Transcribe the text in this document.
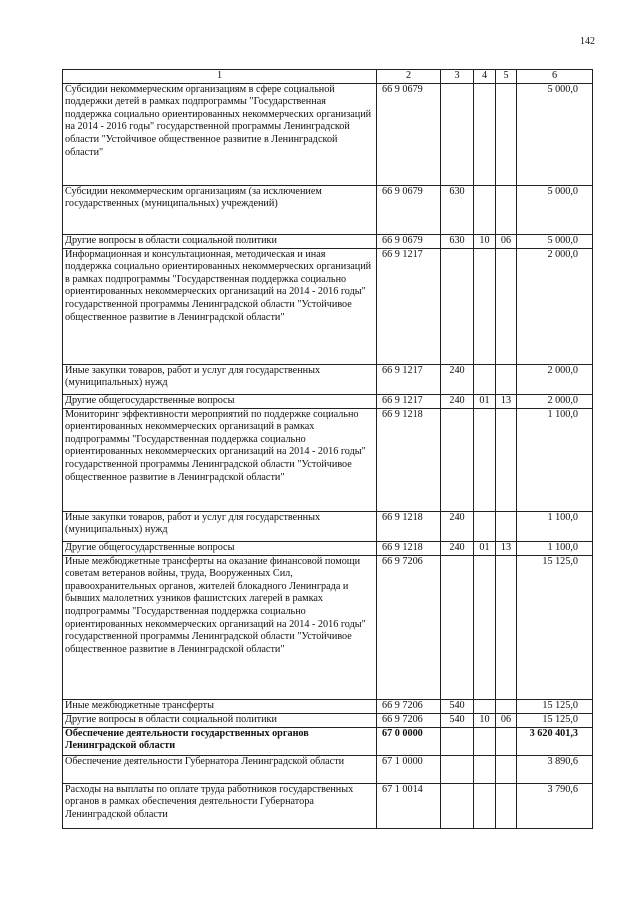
142
1	2	3	4	5	6
Субсидии некоммерческим организациям в сфере социальной поддержки детей в рамках подпрограммы "Государственная поддержка социально ориентированных некоммерческих организаций на 2014 - 2016 годы" государственной программы Ленинградской области "Устойчивое общественное развитие в Ленинградской области"	66 9 0679				5 000,0
Субсидии некоммерческим организациям (за исключением государственных (муниципальных) учреждений)	66 9 0679	630			5 000,0
Другие вопросы в области социальной политики	66 9 0679	630	10	06	5 000,0
Информационная и консультационная, методическая и иная поддержка социально ориентированных некоммерческих организаций в рамках подпрограммы "Государственная поддержка социально ориентированных некоммерческих организаций на 2014 - 2016 годы" государственной программы Ленинградской области "Устойчивое общественное развитие в Ленинградской области"	66 9 1217				2 000,0
Иные закупки товаров, работ и услуг для государственных (муниципальных) нужд	66 9 1217	240			2 000,0
Другие общегосударственные вопросы	66 9 1217	240	01	13	2 000,0
Мониторинг эффективности мероприятий по поддержке социально ориентированных некоммерческих организаций в рамках подпрограммы "Государственная поддержка социально ориентированных некоммерческих организаций на 2014 - 2016 годы" государственной программы Ленинградской области "Устойчивое общественное развитие в Ленинградской области"	66 9 1218				1 100,0
Иные закупки товаров, работ и услуг для государственных (муниципальных) нужд	66 9 1218	240			1 100,0
Другие общегосударственные вопросы	66 9 1218	240	01	13	1 100,0
Иные межбюджетные трансферты на оказание финансовой помощи советам ветеранов войны, труда, Вооруженных Сил, правоохранительных органов, жителей блокадного Ленинграда и бывших малолетних узников фашистских лагерей в рамках подпрограммы "Государственная поддержка социально ориентированных некоммерческих организаций на 2014 - 2016 годы" государственной программы Ленинградской области "Устойчивое общественное развитие в Ленинградской области"	66 9 7206				15 125,0
Иные межбюджетные трансферты	66 9 7206	540			15 125,0
Другие вопросы в области социальной политики	66 9 7206	540	10	06	15 125,0
Обеспечение деятельности государственных органов Ленинградской области	67 0 0000				3 620 401,3
Обеспечение деятельности Губернатора Ленинградской области	67 1 0000				3 890,6
Расходы на выплаты по оплате труда работников государственных органов в рамках обеспечения деятельности Губернатора Ленинградской области	67 1 0014				3 790,6
